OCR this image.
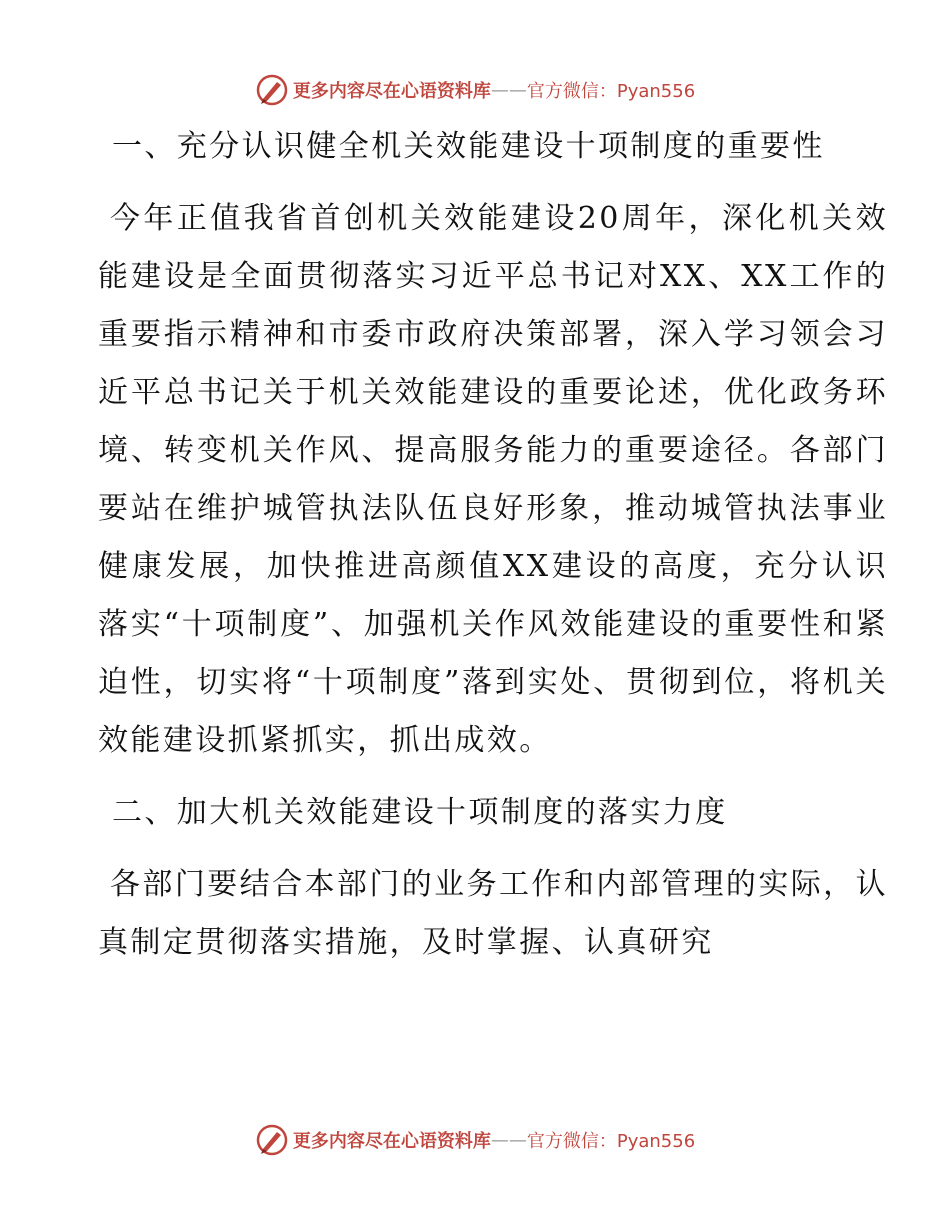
更多内容尽在心语资料库 —— 官方微信：Pyan556

一、充分认识健全机关效能建设十项制度的重要性

今年正值我省首创机关效能建设20周年，深化机关效能建设是全面贯彻落实习近平总书记对XX、XX工作的重要指示精神和市委市政府决策部署，深入学习领会习近平总书记关于机关效能建设的重要论述，优化政务环境、转变机关作风、提高服务能力的重要途径。各部门要站在维护城管执法队伍良好形象，推动城管执法事业健康发展，加快推进高颜值XX建设的高度，充分认识落实“十项制度”、加强机关作风效能建设的重要性和紧迫性，切实将“十项制度”落到实处、贯彻到位，将机关效能建设抓紧抓实，抓出成效。

二、加大机关效能建设十项制度的落实力度

各部门要结合本部门的业务工作和内部管理的实际，认真制定贯彻落实措施，及时掌握、认真研究

更多内容尽在心语资料库 —— 官方微信：Pyan556
